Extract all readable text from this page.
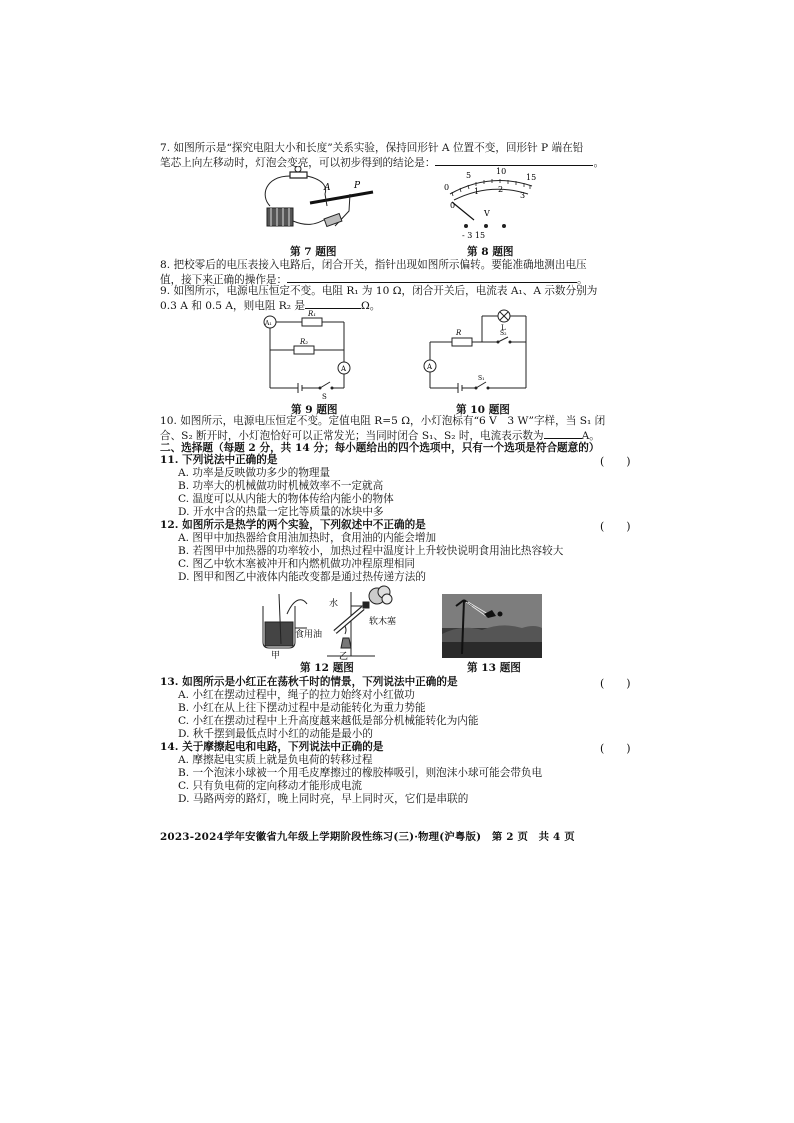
7. 如图所示是“探究电阻大小和长度”关系实验，保持回形针 A 位置不变，回形针 P 端在铅
笔芯上向左移动时，灯泡会变亮，可以初步得到的结论是：	。
A	P
第 7 题图
0
5	10
15
0
1 2
3
V
- 3 15
第 8 题图
8. 把校零后的电压表接入电路后，闭合开关，指针出现如图所示偏转。要能准确地测出电压
值，接下来正确的操作是：	。
9. 如图所示，电源电压恒定不变。电阻 R₁ 为 10 Ω，闭合开关后，电流表 A₁、A 示数分别为
0.3 A 和 0.5 A，则电阻 R₂ 是	Ω。
A₁
A
R₁
R₂
S
第 9 题图
A
R
L
S₂
S₁
第 10 题图
10. 如图所示，电源电压恒定不变。定值电阻 R=5 Ω，小灯泡标有“6 V　3 W”字样，当 S₁ 闭
合、S₂ 断开时，小灯泡恰好可以正常发光；当同时闭合 S₁、S₂ 时，电流表示数为	A。
二、选择题（每题 2 分，共 14 分；每小题给出的四个选项中，只有一个选项是符合题意的）
11. 下列说法中正确的是	(　　)
A. 功率是反映做功多少的物理量
B. 功率大的机械做功时机械效率不一定就高
C. 温度可以从内能大的物体传给内能小的物体
D. 开水中含的热量一定比等质量的冰块中多
12. 如图所示是热学的两个实验，下列叙述中不正确的是	(　　)
A. 图甲中加热器给食用油加热时，食用油的内能会增加
B. 若图甲中加热器的功率较小，加热过程中温度计上升较快说明食用油比热容较大
C. 图乙中软木塞被冲开和内燃机做功冲程原理相同
D. 图甲和图乙中液体内能改变都是通过热传递方法的
食用油
水
软木塞
甲	乙
第 12 题图	第 13 题图
13. 如图所示是小红正在荡秋千时的情景，下列说法中正确的是	(　　)
A. 小红在摆动过程中，绳子的拉力始终对小红做功
B. 小红在从上往下摆动过程中是动能转化为重力势能
C. 小红在摆动过程中上升高度越来越低是部分机械能转化为内能
D. 秋千摆到最低点时小红的动能是最小的
14. 关于摩擦起电和电路，下列说法中正确的是	(　　)
A. 摩擦起电实质上就是负电荷的转移过程
B. 一个泡沫小球被一个用毛皮摩擦过的橡胶棒吸引，则泡沫小球可能会带负电
C. 只有负电荷的定向移动才能形成电流
D. 马路两旁的路灯，晚上同时亮，早上同时灭，它们是串联的
2023-2024学年安徽省九年级上学期阶段性练习(三)·物理(沪粤版)　第 2 页　共 4 页
